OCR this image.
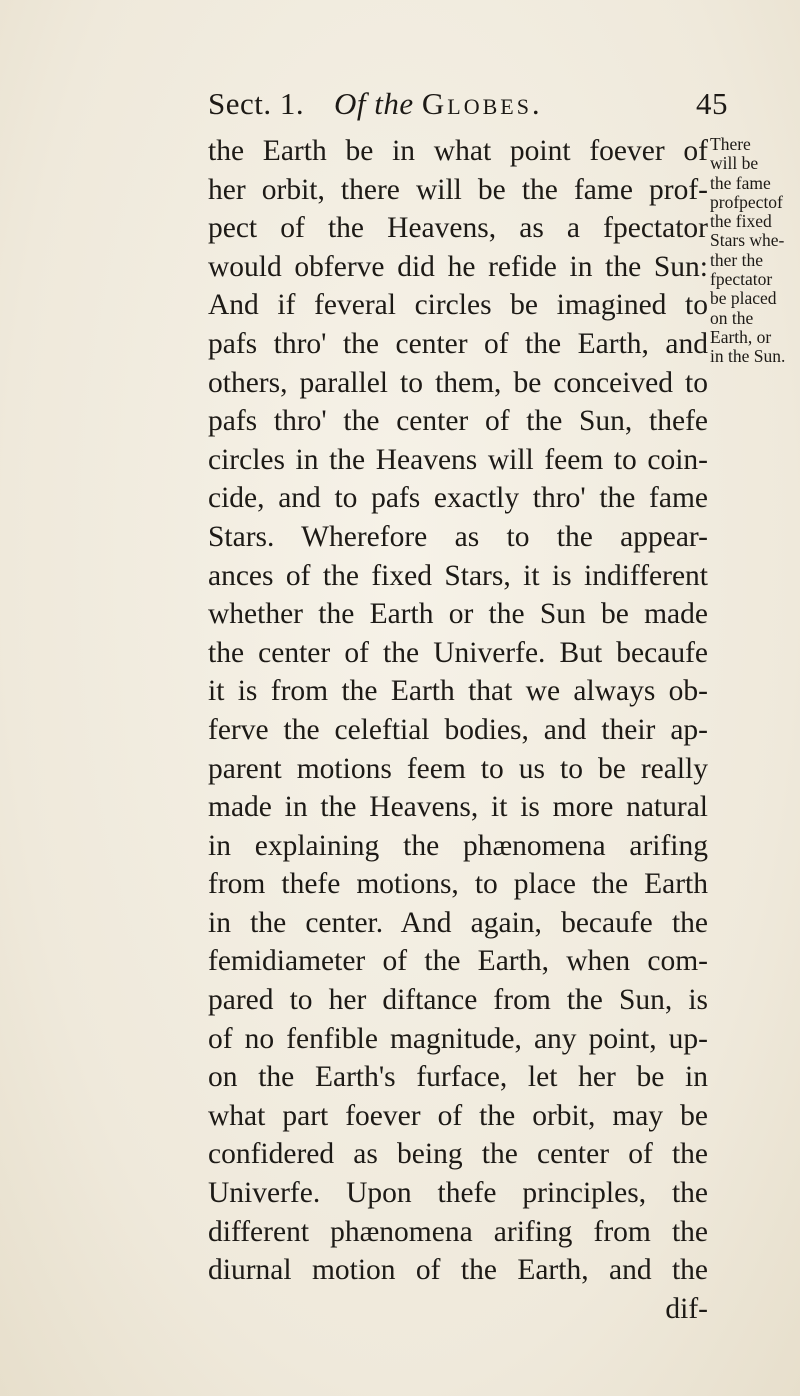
Sect. 1. Of the Globes.	45
the Earth be in what point foever of
her orbit, there will be the fame prof-
pect of the Heavens, as a fpectator
would obferve did he refide in the Sun:
And if feveral circles be imagined to
pafs thro' the center of the Earth, and
others, parallel to them, be conceived to
pafs thro' the center of the Sun, thefe
circles in the Heavens will feem to coin-
cide, and to pafs exactly thro' the fame
Stars. Wherefore as to the appear-
ances of the fixed Stars, it is indifferent
whether the Earth or the Sun be made
the center of the Univerfe. But becaufe
it is from the Earth that we always ob-
ferve the celeftial bodies, and their ap-
parent motions feem to us to be really
made in the Heavens, it is more natural
in explaining the phænomena arifing
from thefe motions, to place the Earth
in the center. And again, becaufe the
femidiameter of the Earth, when com-
pared to her diftance from the Sun, is
of no fenfible magnitude, any point, up-
on the Earth's furface, let her be in
what part foever of the orbit, may be
confidered as being the center of the
Univerfe. Upon thefe principles, the
different phænomena arifing from the
diurnal motion of the Earth, and the
dif-
There
will be
the fame
profpectof
the fixed
Stars whe-
ther the
fpectator
be placed
on the
Earth, or
in the Sun.
